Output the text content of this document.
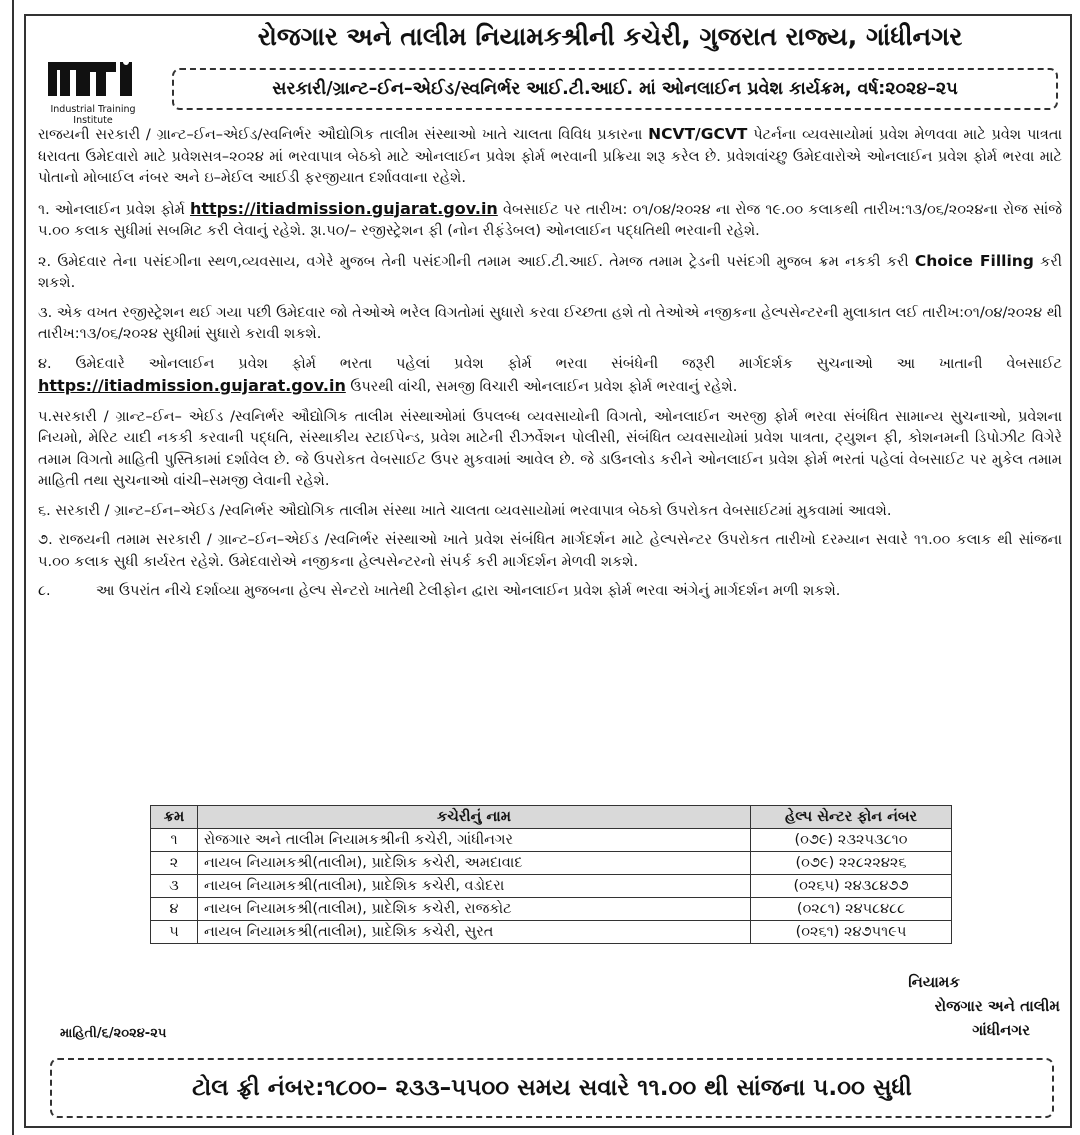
Industrial Training Institute
રોજગાર અને તાલીમ નિયામકશ્રીની કચેરી, ગુજરાત રાજ્ય, ગાંધીનગર
સરકારી/ગ્રાન્ટ–ઈન–એઈડ/સ્વનિર્ભર આઈ.ટી.આઈ. માં ઓનલાઈન પ્રવેશ કાર્યક્રમ, વર્ષ:૨૦૨૪–૨૫

રાજયની સરકારી / ગ્રાન્ટ–ઈન–એઈડ/સ્વનિર્ભર ઔદ્યોગિક તાલીમ સંસ્થાઓ ખાતે ચાલતા વિવિધ પ્રકારના NCVT/GCVT પેટર્નના વ્યવસાયોમાં પ્રવેશ મેળવવા માટે પ્રવેશ પાત્રતા ધરાવતા ઉમેદવારો માટે પ્રવેશસત્ર–૨૦૨૪ માં ભરવાપાત્ર બેઠકો માટે ઓનલાઈન પ્રવેશ ફોર્મ ભરવાની પ્રક્રિયા શરૂ કરેલ છે. પ્રવેશવાંચ્છુ ઉમેદવારોએ ઓનલાઈન પ્રવેશ ફોર્મ ભરવા માટે પોતાનો મોબાઈલ નંબર અને ઇ–મેઈલ આઈડી ફરજીયાત દર્શાવવાના રહેશે.

૧. ઓનલાઈન પ્રવેશ ફોર્મ https://itiadmission.gujarat.gov.in વેબસાઈટ પર તારીખ: ૦૧/૦૪/૨૦૨૪ ના રોજ ૧૯.૦૦ કલાકથી તારીખ:૧૩/૦૬/૨૦૨૪ના રોજ સાંજે ૫.૦૦ કલાક સુધીમાં સબમિટ કરી લેવાનું રહેશે. રૂા.૫૦/– રજીસ્ટ્રેશન ફી (નોન રીફંડેબલ) ઓનલાઈન પદ્ધતિથી ભરવાની રહેશે.

૨. ઉમેદવાર તેના પસંદગીના સ્થળ,વ્યવસાય, વગેરે મુજબ તેની પસંદગીની તમામ આઈ.ટી.આઈ. તેમજ તમામ ટ્રેડની પસંદગી મુજબ ક્રમ નકકી કરી Choice Filling કરી શકશે.

૩. એક વખત રજીસ્ટ્રેશન થઈ ગયા પછી ઉમેદવાર જો તેઓએ ભરેલ વિગતોમાં સુધારો કરવા ઈચ્છતા હશે તો તેઓએ નજીકના હેલ્પસેન્ટરની મુલાકાત લઈ તારીખ:૦૧/૦૪/૨૦૨૪ થી તારીખ:૧૩/૦૬/૨૦૨૪ સુધીમાં સુધારો કરાવી શકશે.

૪. ઉમેદવારે ઓનલાઈન પ્રવેશ ફોર્મ ભરતા પહેલાં પ્રવેશ ફોર્મ ભરવા સંબંધેની જરૂરી માર્ગદર્શક સુચનાઓ આ ખાતાની વેબસાઈટ https://itiadmission.gujarat.gov.in ઉપરથી વાંચી, સમજી વિચારી ઓનલાઈન પ્રવેશ ફોર્મ ભરવાનું રહેશે.

૫.સરકારી / ગ્રાન્ટ–ઈન– એઈડ /સ્વનિર્ભર ઔદ્યોગિક તાલીમ સંસ્થાઓમાં ઉપલબ્ધ વ્યવસાયોની વિગતો, ઓનલાઈન અરજી ફોર્મ ભરવા સંબંધિત સામાન્ય સુચનાઓ, પ્રવેશના નિયમો, મેરિટ યાદી નકકી કરવાની પદ્ધતિ, સંસ્થાકીય સ્ટાઈપેન્ડ, પ્રવેશ માટેની રીઝર્વેશન પોલીસી, સંબંધિત વ્યવસાયોમાં પ્રવેશ પાત્રતા, ટ્યુશન ફી, કોશનમની ડિપોઝીટ વિગેરે તમામ વિગતો માહિતી પુસ્તિકામાં દર્શાવેલ છે. જે ઉપરોકત વેબસાઈટ ઉપર મુકવામાં આવેલ છે. જે ડાઉનલોડ કરીને ઓનલાઈન પ્રવેશ ફોર્મ ભરતાં પહેલાં વેબસાઈટ પર મુકેલ તમામ માહિતી તથા સુચનાઓ વાંચી–સમજી લેવાની રહેશે.

૬. સરકારી / ગ્રાન્ટ–ઈન–એઈડ /સ્વનિર્ભર ઔદ્યોગિક તાલીમ સંસ્થા ખાતે ચાલતા વ્યવસાયોમાં ભરવાપાત્ર બેઠકો ઉપરોકત વેબસાઈટમાં મુકવામાં આવશે.

૭. રાજયની તમામ સરકારી / ગ્રાન્ટ–ઈન–એઈડ /સ્વનિર્ભર સંસ્થાઓ ખાતે પ્રવેશ સંબંધિત માર્ગદર્શન માટે હેલ્પસેન્ટર ઉપરોકત તારીખો દરમ્યાન સવારે ૧૧.૦૦ કલાક થી સાંજના ૫.૦૦ કલાક સુધી કાર્યરત રહેશે. ઉમેદવારોએ નજીકના હેલ્પસેન્ટરનો સંપર્ક કરી માર્ગદર્શન મેળવી શકશે.

૮.	આ ઉપરાંત નીચે દર્શાવ્યા મુજબના હેલ્પ સેન્ટરો ખાતેથી ટેલીફોન દ્વારા ઓનલાઈન પ્રવેશ ફોર્મ ભરવા અંગેનું માર્ગદર્શન મળી શકશે.

ક્રમ	કચેરીનું નામ	હેલ્પ સેન્ટર ફોન નંબર
૧	રોજગાર અને તાલીમ નિયામકશ્રીની કચેરી, ગાંધીનગર	(૦૭૯) ૨૩૨૫૩૮૧૦
૨	નાયબ નિયામકશ્રી(તાલીમ), પ્રાદેશિક કચેરી, અમદાવાદ	(૦૭૯) ૨૨૮૨૨૪૨૬
૩	નાયબ નિયામકશ્રી(તાલીમ), પ્રાદેશિક કચેરી, વડોદરા	(૦૨૬૫) ૨૪૩૮૪૭૭
૪	નાયબ નિયામકશ્રી(તાલીમ), પ્રાદેશિક કચેરી, રાજકોટ	(૦૨૮૧) ૨૪૫૮૪૮૮
૫	નાયબ નિયામકશ્રી(તાલીમ), પ્રાદેશિક કચેરી, સુરત	(૦૨૬૧) ૨૪૭૫૧૯૫
નિયામક
રોજગાર અને તાલીમ
ગાંધીનગર
માહિતી/૬/૨૦૨૪-૨૫
ટોલ ફ્રી નંબર:૧૮૦૦– ૨૩૩–૫૫૦૦ સમય સવારે ૧૧.૦૦ થી સાંજના ૫.૦૦ સુધી
